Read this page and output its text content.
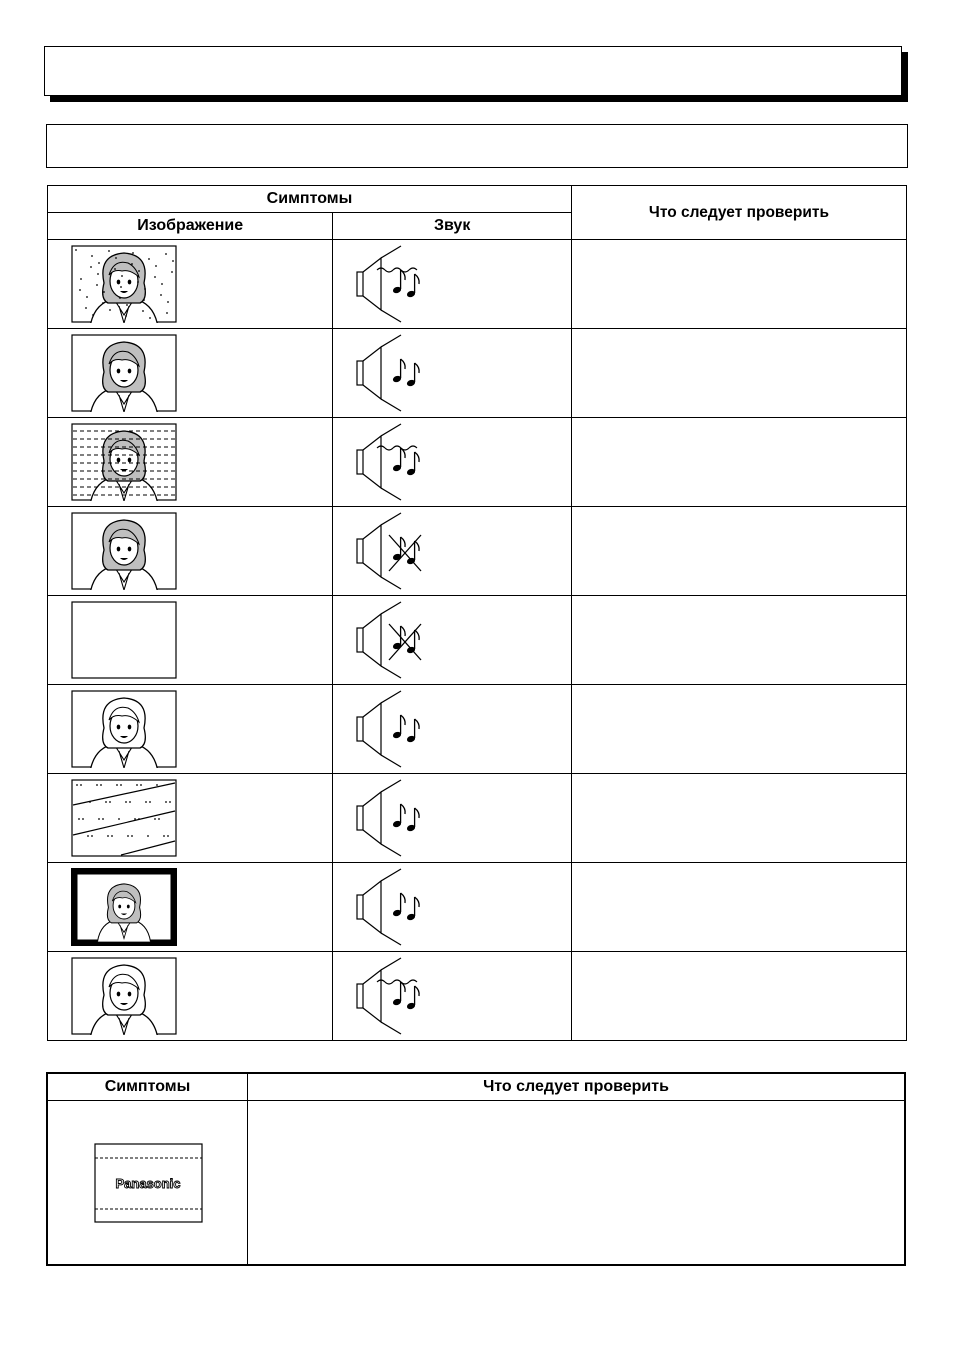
Симптомы		Что следует проверить
Изображение	Звук	

Симптомы	Что следует проверить

Panasonic	
